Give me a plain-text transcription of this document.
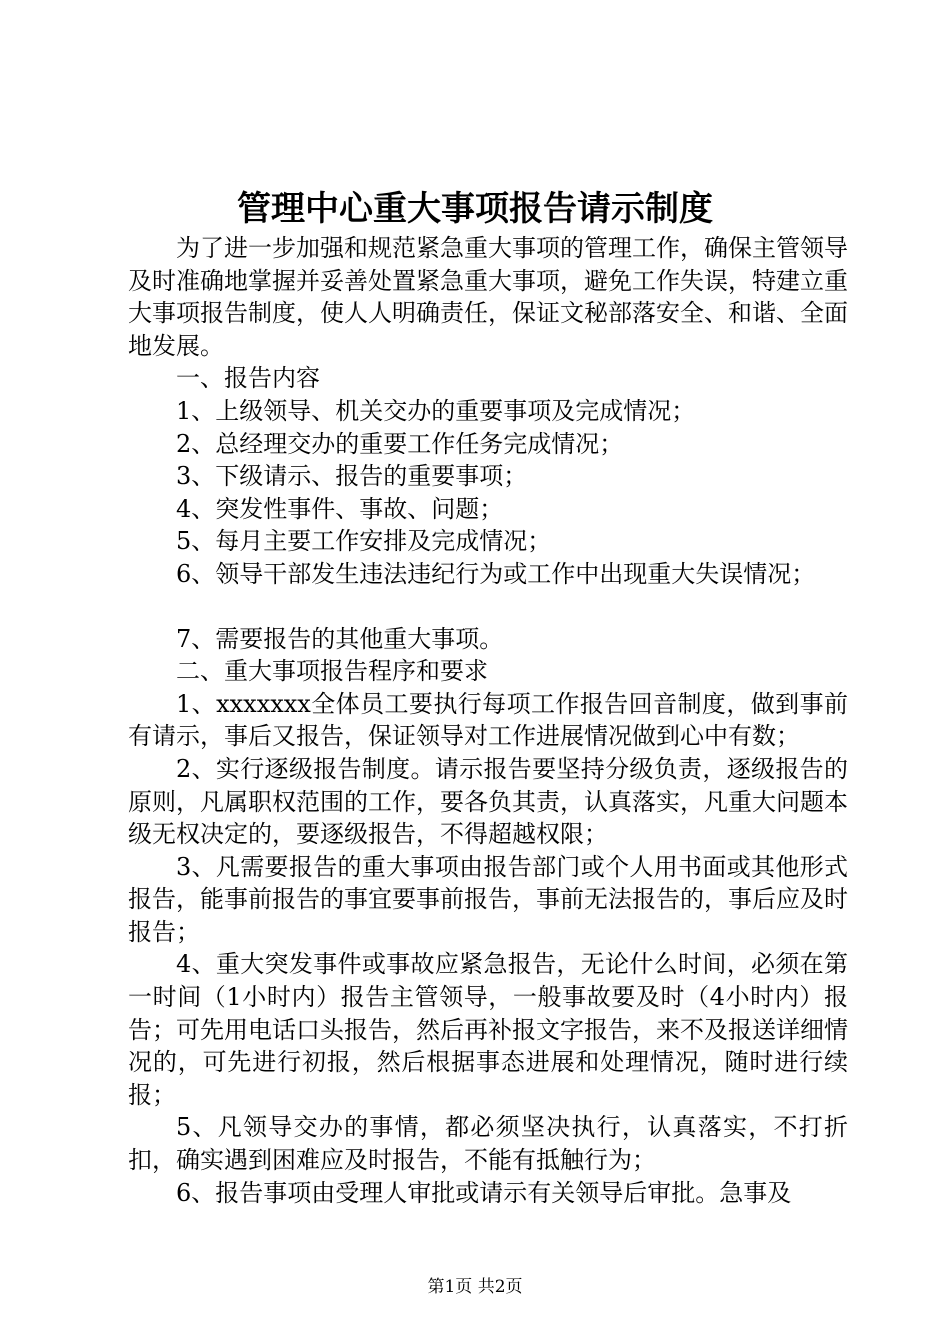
管理中心重大事项报告请示制度

为了进一步加强和规范紧急重大事项的管理工作，确保主管领导及时准确地掌握并妥善处置紧急重大事项，避免工作失误，特建立重大事项报告制度，使人人明确责任，保证文秘部落安全、和谐、全面地发展。

一、报告内容

1、上级领导、机关交办的重要事项及完成情况；

2、总经理交办的重要工作任务完成情况；

3、下级请示、报告的重要事项；

4、突发性事件、事故、问题；

5、每月主要工作安排及完成情况；

6、领导干部发生违法违纪行为或工作中出现重大失误情况；

7、需要报告的其他重大事项。

二、重大事项报告程序和要求

1、xxxxxxx全体员工要执行每项工作报告回音制度，做到事前有请示，事后又报告，保证领导对工作进展情况做到心中有数；

2、实行逐级报告制度。请示报告要坚持分级负责，逐级报告的原则，凡属职权范围的工作，要各负其责，认真落实，凡重大问题本级无权决定的，要逐级报告，不得超越权限；

3、凡需要报告的重大事项由报告部门或个人用书面或其他形式报告，能事前报告的事宜要事前报告，事前无法报告的，事后应及时报告；

4、重大突发事件或事故应紧急报告，无论什么时间，必须在第一时间（1小时内）报告主管领导，一般事故要及时（4小时内）报告；可先用电话口头报告，然后再补报文字报告，来不及报送详细情况的，可先进行初报，然后根据事态进展和处理情况，随时进行续报；

5、凡领导交办的事情，都必须坚决执行，认真落实，不打折扣，确实遇到困难应及时报告，不能有抵触行为；

6、报告事项由受理人审批或请示有关领导后审批。急事及

第1页 共2页
